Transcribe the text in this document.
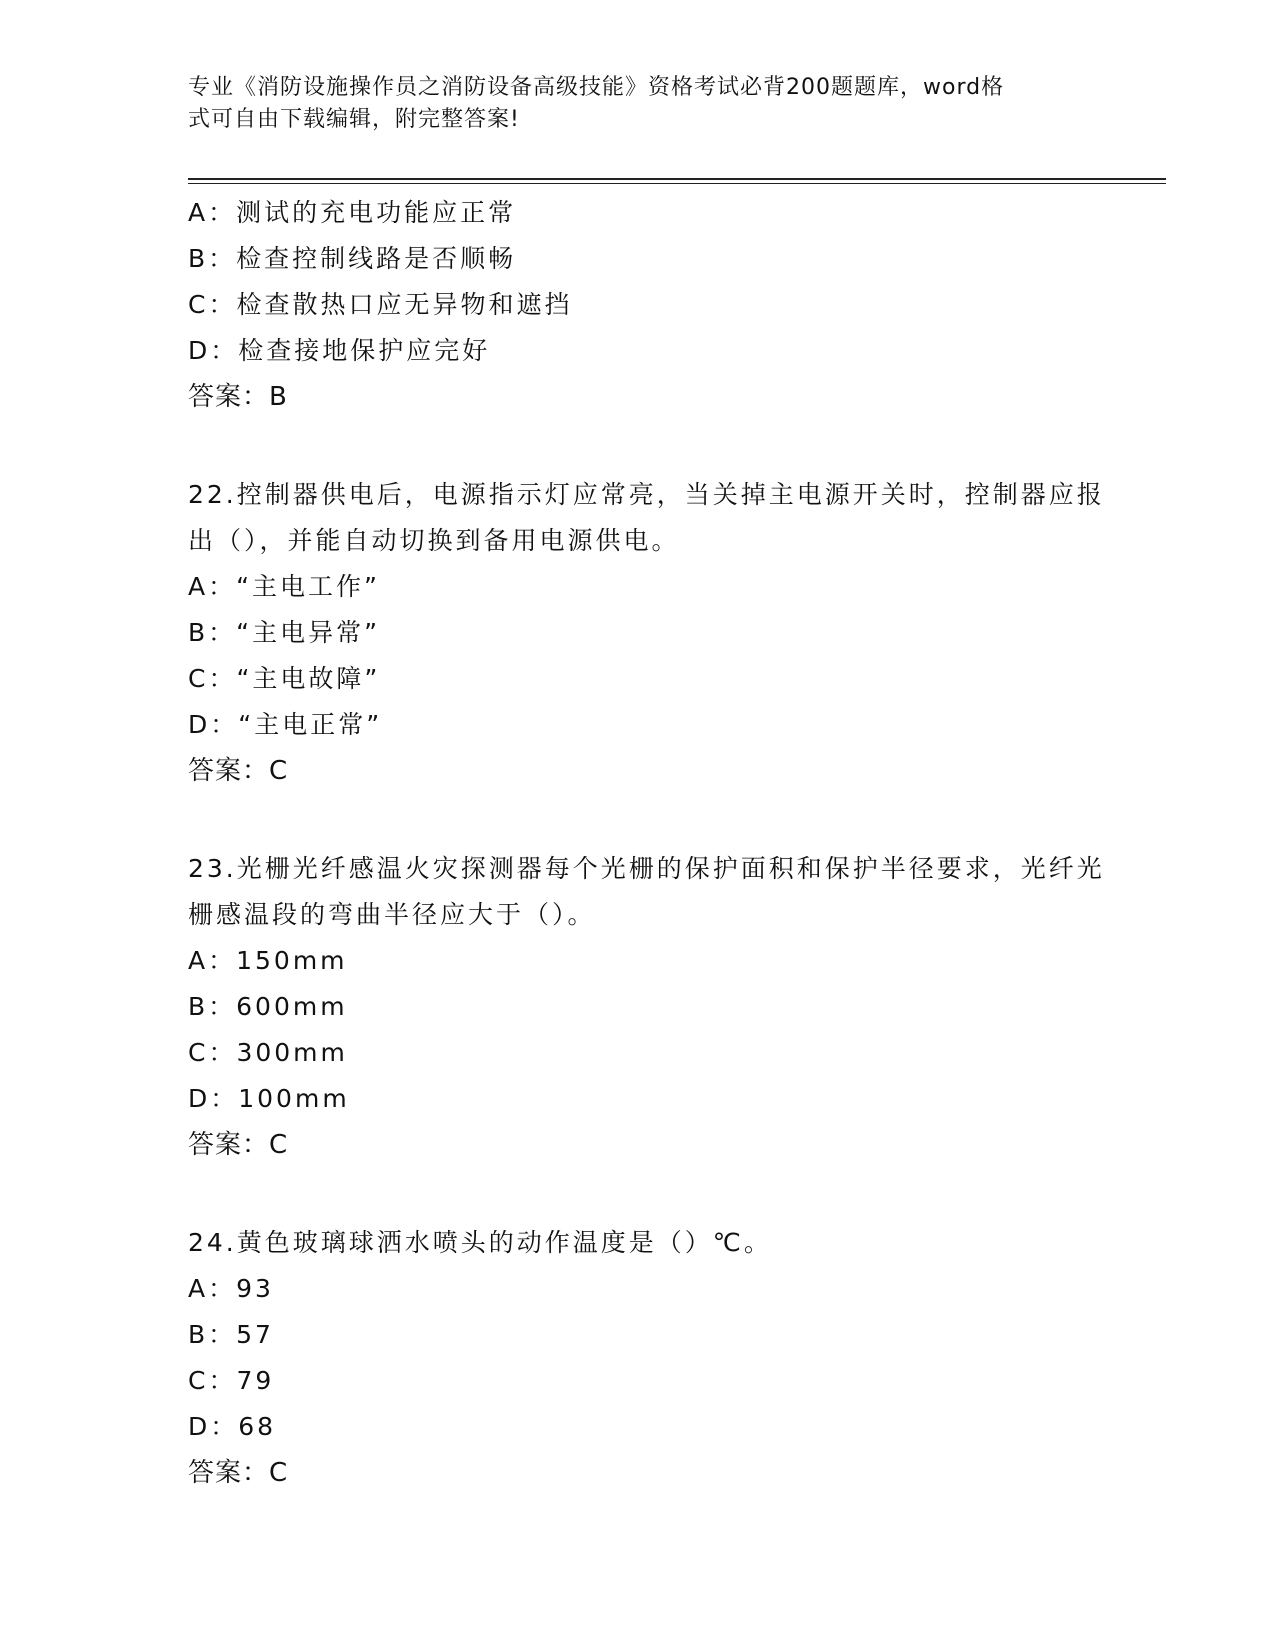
专业《消防设施操作员之消防设备高级技能》资格考试必背200题题库，word格
式可自由下载编辑，附完整答案!
A：测试的充电功能应正常
B：检查控制线路是否顺畅
C：检查散热口应无异物和遮挡
D：检查接地保护应完好
答案：B
22.控制器供电后，电源指示灯应常亮，当关掉主电源开关时，控制器应报出（），并能自动切换到备用电源供电。
A：“主电工作”
B：“主电异常”
C：“主电故障”
D：“主电正常”
答案：C
23.光栅光纤感温火灾探测器每个光栅的保护面积和保护半径要求，光纤光栅感温段的弯曲半径应大于（）。
A：150mm
B：600mm
C：300mm
D：100mm
答案：C
24.黄色玻璃球洒水喷头的动作温度是（）℃。
A：93
B：57
C：79
D：68
答案：C
